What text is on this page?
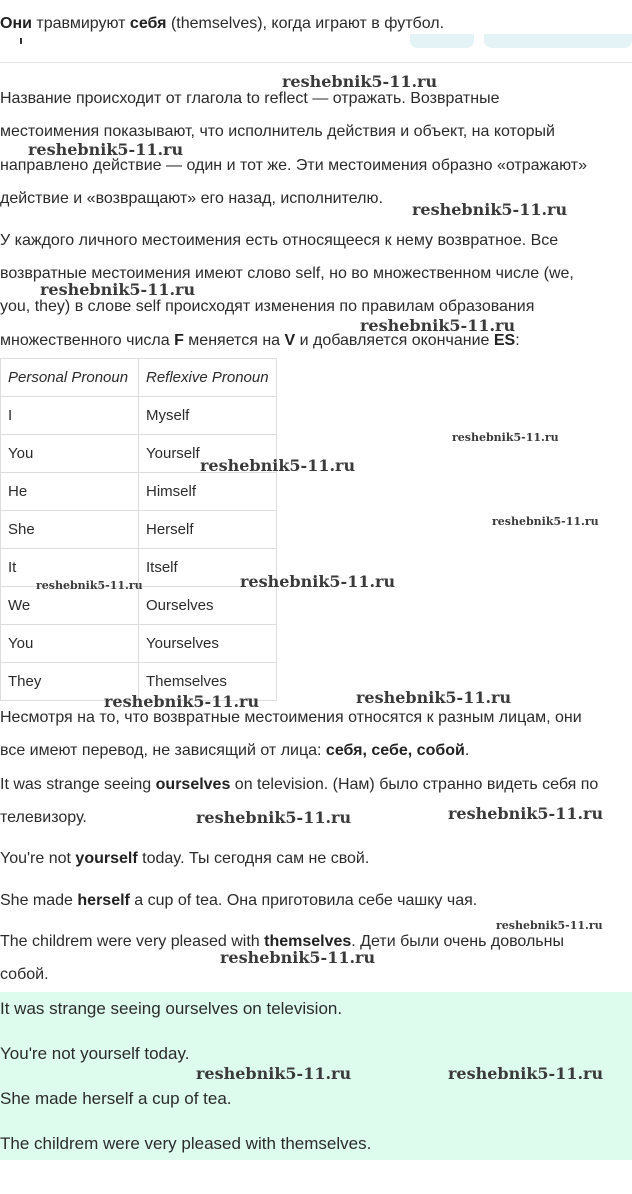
Они травмируют себя (themselves), когда играют в футбол.
Название происходит от глагола to reflect — отражать. Возвратные
местоимения показывают, что исполнитель действия и объект, на который
направлено действие — один и тот же. Эти местоимения образно «отражают»
действие и «возвращают» его назад, исполнителю.
У каждого личного местоимения есть относящееся к нему возвратное. Все
возвратные местоимения имеют слово self, но во множественном числе (we,
you, they) в слове self происходят изменения по правилам образования
множественного числа F меняется на V и добавляется окончание ES:
Personal Pronoun	Reflexive Pronoun
I	Myself
You	Yourself
He	Himself
She	Herself
It	Itself
We	Ourselves
You	Yourselves
They	Themselves
Несмотря на то, что возвратные местоимения относятся к разным лицам, они
все имеют перевод, не зависящий от лица: себя, себе, собой.
It was strange seeing ourselves on television. (Нам) было странно видеть себя по
телевизору.
You're not yourself today. Ты сегодня сам не свой.
She made herself a cup of tea. Она приготовила себе чашку чая.
The childrem were very pleased with themselves. Дети были очень довольны
собой.
It was strange seeing ourselves on television.
You're not yourself today.
She made herself a cup of tea.
The childrem were very pleased with themselves.
reshebnik5-11.ru
reshebnik5-11.ru
reshebnik5-11.ru
reshebnik5-11.ru
reshebnik5-11.ru
reshebnik5-11.ru
reshebnik5-11.ru
reshebnik5-11.ru
reshebnik5-11.ru
reshebnik5-11.ru
reshebnik5-11.ru	reshebnik5-11.ru
reshebnik5-11.ru
reshebnik5-11.ru
reshebnik5-11.ru
reshebnik5-11.ru
reshebnik5-11.ru	reshebnik5-11.ru
